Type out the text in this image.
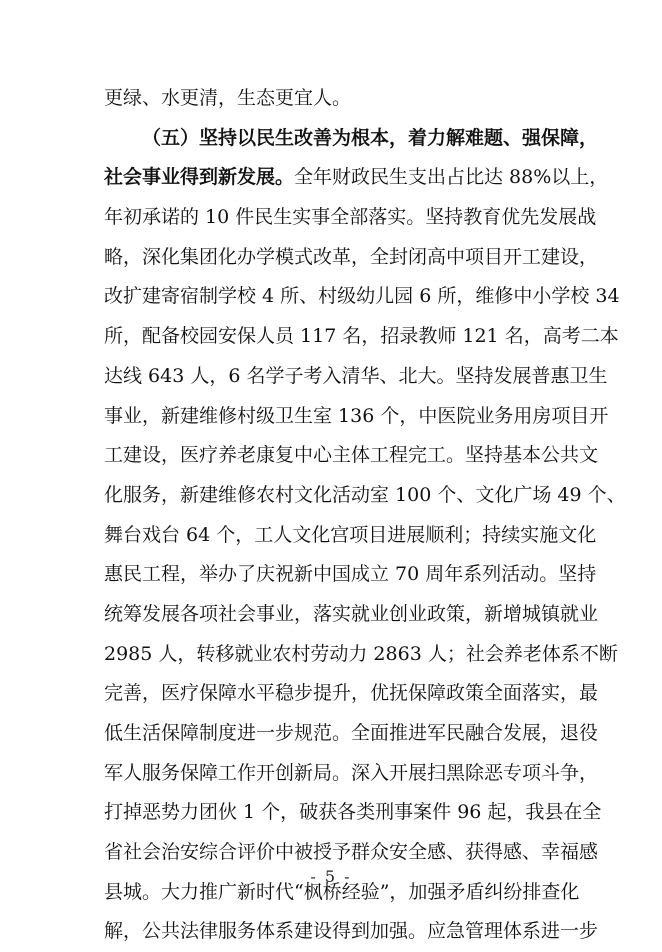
更绿、水更清，生态更宜人。
（五）坚持以民生改善为根本，着力解难题、强保障，
社会事业得到新发展。全年财政民生支出占比达 88%以上，
年初承诺的 10 件民生实事全部落实。坚持教育优先发展战
略，深化集团化办学模式改革，全封闭高中项目开工建设，
改扩建寄宿制学校 4 所、村级幼儿园 6 所，维修中小学校 34
所，配备校园安保人员 117 名，招录教师 121 名，高考二本
达线 643 人，6 名学子考入清华、北大。坚持发展普惠卫生
事业，新建维修村级卫生室 136 个，中医院业务用房项目开
工建设，医疗养老康复中心主体工程完工。坚持基本公共文
化服务，新建维修农村文化活动室 100 个、文化广场 49 个、
舞台戏台 64 个，工人文化宫项目进展顺利；持续实施文化
惠民工程，举办了庆祝新中国成立 70 周年系列活动。坚持
统筹发展各项社会事业，落实就业创业政策，新增城镇就业
2985 人，转移就业农村劳动力 2863 人；社会养老体系不断
完善，医疗保障水平稳步提升，优抚保障政策全面落实，最
低生活保障制度进一步规范。全面推进军民融合发展，退役
军人服务保障工作开创新局。深入开展扫黑除恶专项斗争，
打掉恶势力团伙 1 个，破获各类刑事案件 96 起，我县在全
省社会治安综合评价中被授予群众安全感、获得感、幸福感
县城。大力推广新时代“枫桥经验”，加强矛盾纠纷排查化
解，公共法律服务体系建设得到加强。应急管理体系进一步
- 5 -
